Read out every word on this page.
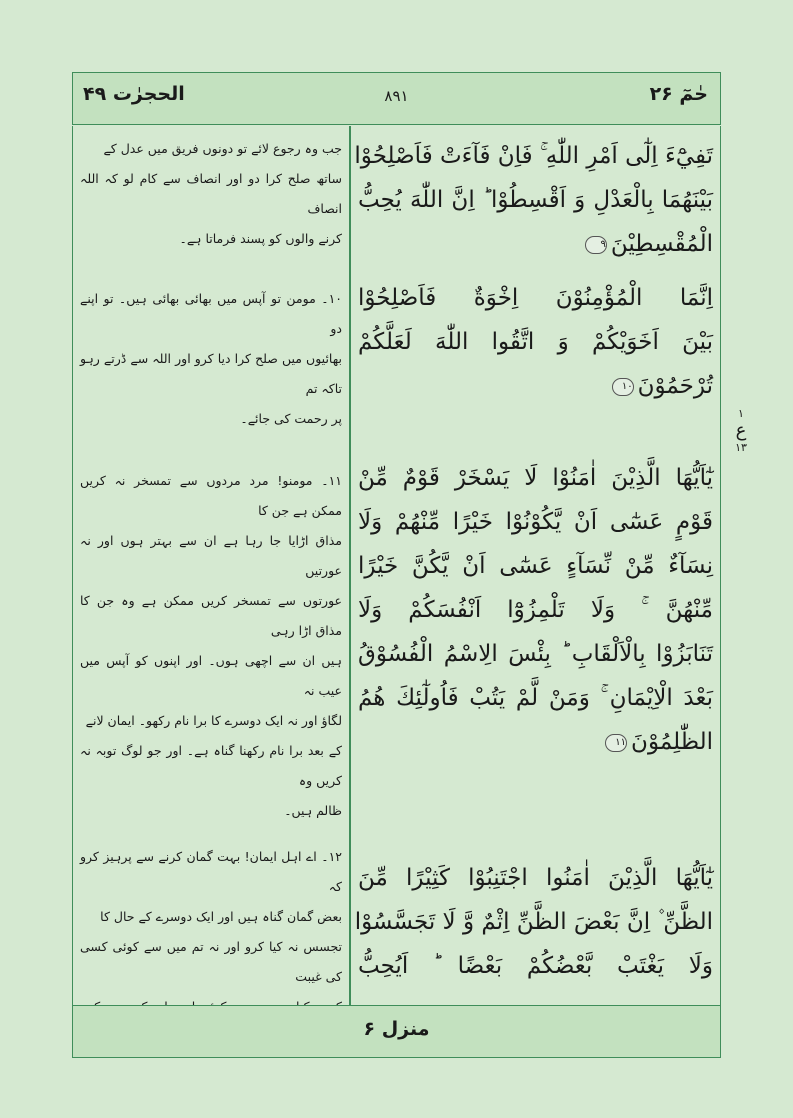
الحجرٰت ۴۹	۸۹۱	حٰمٓ ۲۶
جب وہ رجوع لائے تو دونوں فریق میں عدل کے
ساتھ صلح کرا دو اور انصاف سے کام لو کہ اللہ انصاف
کرنے والوں کو پسند فرماتا ہے۔
۱۰۔ مومن تو آپس میں بھائی بھائی ہیں۔ تو اپنے دو
بھائیوں میں صلح کرا دیا کرو اور اللہ سے ڈرتے رہو تاکہ تم
پر رحمت کی جائے۔
۱۱۔ مومنو! مرد مردوں سے تمسخر نہ کریں ممکن ہے جن کا
مذاق اڑایا جا رہا ہے ان سے بہتر ہوں اور نہ عورتیں
عورتوں سے تمسخر کریں ممکن ہے وہ جن کا مذاق اڑا رہی
ہیں ان سے اچھی ہوں۔ اور اپنوں کو آپس میں عیب نہ
لگاؤ اور نہ ایک دوسرے کا برا نام رکھو۔ ایمان لانے
کے بعد برا نام رکھنا گناہ ہے۔ اور جو لوگ توبہ نہ کریں وہ
ظالم ہیں۔
۱۲۔ اے اہل ایمان! بہت گمان کرنے سے پرہیز کرو کہ
بعض گمان گناہ ہیں اور ایک دوسرے کے حال کا
تجسس نہ کیا کرو اور نہ تم میں سے کوئی کسی کی غیبت
تَفِيْٓءَ اِلٰٓى اَمْرِ اللّٰهِ ۚ فَاِنْ فَآءَتْ فَاَصْلِحُوْا
بَيْنَهُمَا بِالْعَدْلِ وَ اَقْسِطُوْا ؕ اِنَّ اللّٰهَ يُحِبُّ
الْمُقْسِطِيْنَ۹
اِنَّمَا الْمُؤْمِنُوْنَ اِخْوَةٌ فَاَصْلِحُوْا
بَيْنَ اَخَوَيْكُمْ وَ اتَّقُوا اللّٰهَ لَعَلَّكُمْ
تُرْحَمُوْنَ۱۰
يٰٓاَيُّهَا الَّذِيْنَ اٰمَنُوْا لَا يَسْخَرْ قَوْمٌ مِّنْ
قَوْمٍ عَسٰٓى اَنْ يَّكُوْنُوْا خَيْرًا مِّنْهُمْ وَلَا
نِسَآءٌ مِّنْ نِّسَآءٍ عَسٰٓى اَنْ يَّكُنَّ خَيْرًا
مِّنْهُنَّ ۚ وَلَا تَلْمِزُوْٓا اَنْفُسَكُمْ وَلَا
تَنَابَزُوْا بِالْاَلْقَابِ ؕ بِئْسَ الِاسْمُ الْفُسُوْقُ
بَعْدَ الْاِيْمَانِ ۚ وَمَنْ لَّمْ يَتُبْ فَاُولٰٓئِكَ هُمُ
الظّٰلِمُوْنَ۱۱
يٰٓاَيُّهَا الَّذِيْنَ اٰمَنُوا اجْتَنِبُوْا كَثِيْرًا مِّنَ
الظَّنِّ ۫ اِنَّ بَعْضَ الظَّنِّ اِثْمٌ وَّ لَا تَجَسَّسُوْا
وَلَا يَغْتَبْ بَّعْضُكُمْ بَعْضًا ؕ اَيُحِبُّ
۱
ع
۱۳
منزل ۶
